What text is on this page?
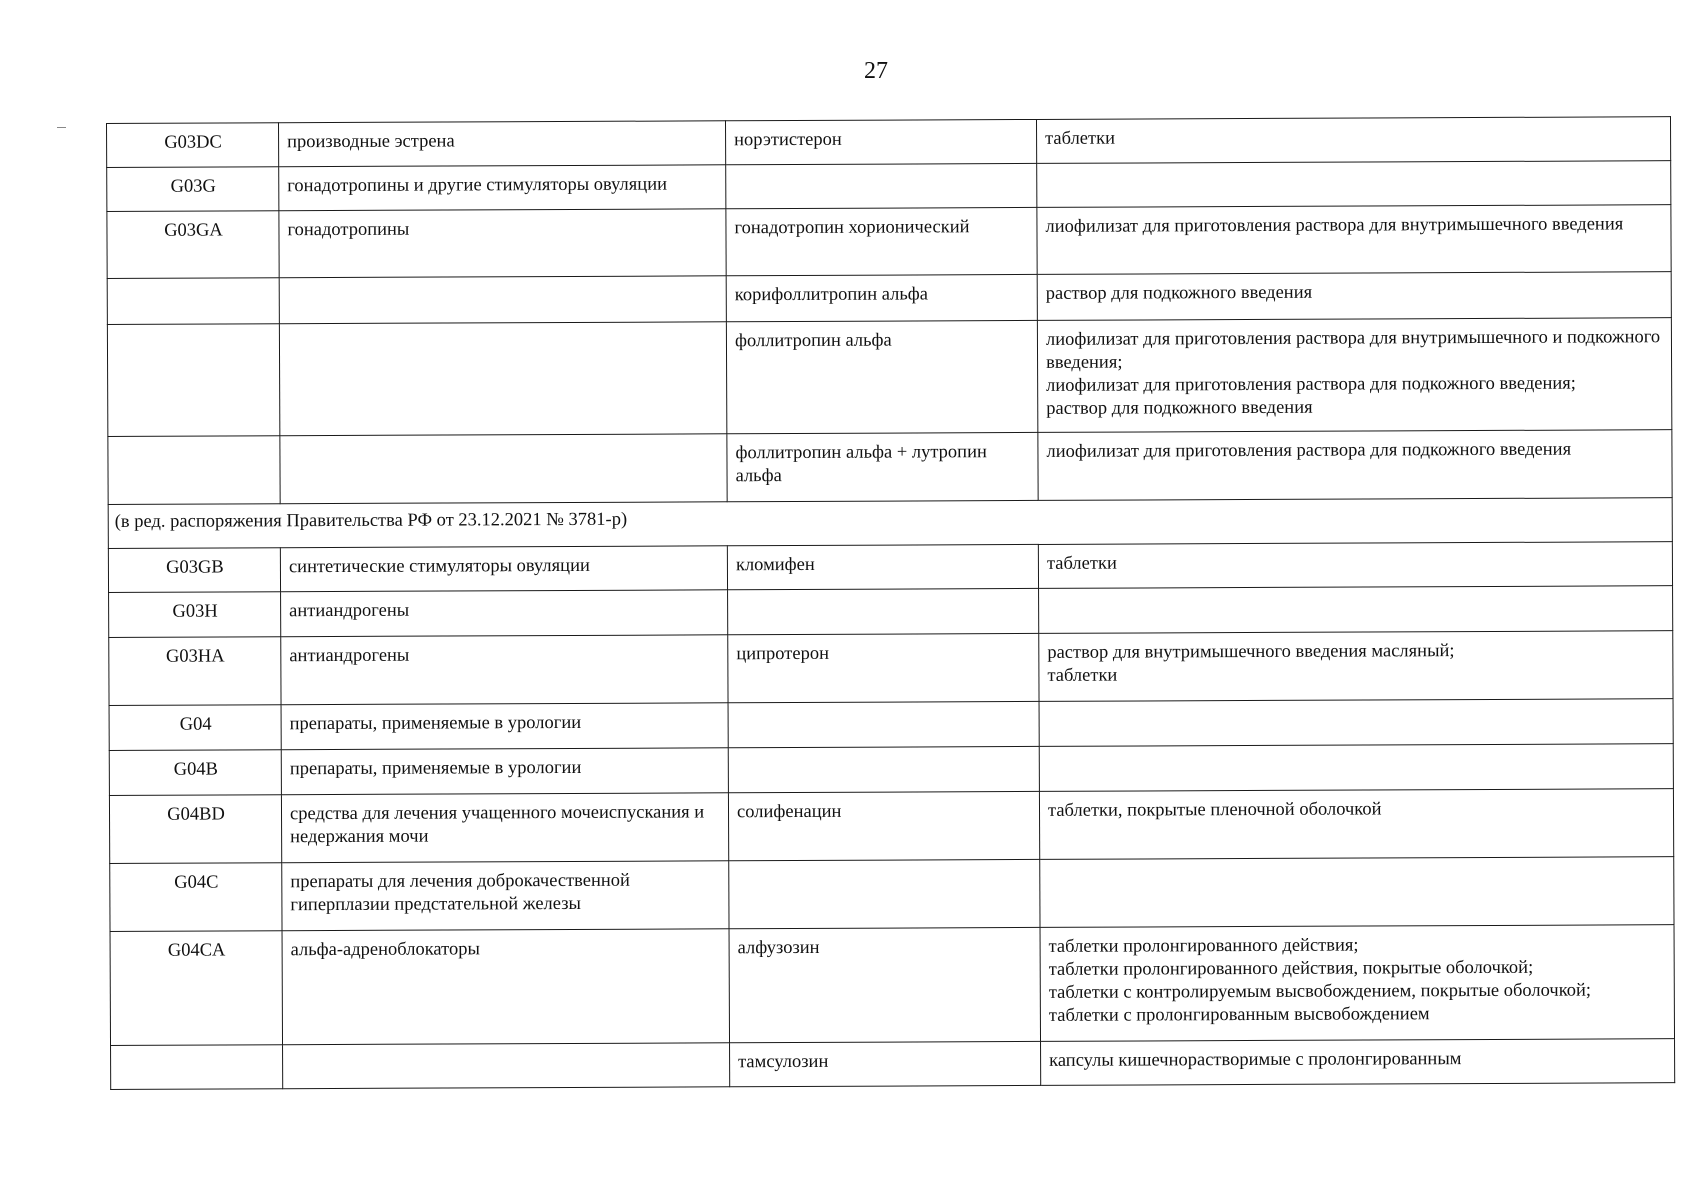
27
G03DC	производные эстрена	норэтистерон	таблетки

G03G	гонадотропины и другие стимуляторы овуляции		

G03GA	гонадотропины	гонадотропин хорионический	лиофилизат для приготовления раствора для внутримышечного введения

		корифоллитропин альфа	раствор для подкожного введения

		фоллитропин альфа	лиофилизат для приготовления раствора для внутримышечного и подкожного введения;
лиофилизат для приготовления раствора для подкожного введения;
раствор для подкожного введения

		фоллитропин альфа + лутропин альфа	лиофилизат для приготовления раствора для подкожного введения

(в ред. распоряжения Правительства РФ от 23.12.2021 № 3781-р)			
G03GB	синтетические стимуляторы овуляции	кломифен	таблетки

G03H	антиандрогены		

G03HA	антиандрогены	ципротерон	раствор для внутримышечного введения масляный;
таблетки

G04	препараты, применяемые в урологии		

G04B	препараты, применяемые в урологии		

G04BD	средства для лечения учащенного мочеиспускания и недержания мочи	солифенацин	таблетки, покрытые пленочной оболочкой

G04C	препараты для лечения доброкачественной гиперплазии предстательной железы		

G04CA	альфа-адреноблокаторы	алфузозин	таблетки пролонгированного действия;
таблетки пролонгированного действия, покрытые оболочкой;
таблетки с контролируемым высвобождением, покрытые оболочкой;
таблетки с пролонгированным высвобождением

		тамсулозин	капсулы кишечнорастворимые с пролонгированным
